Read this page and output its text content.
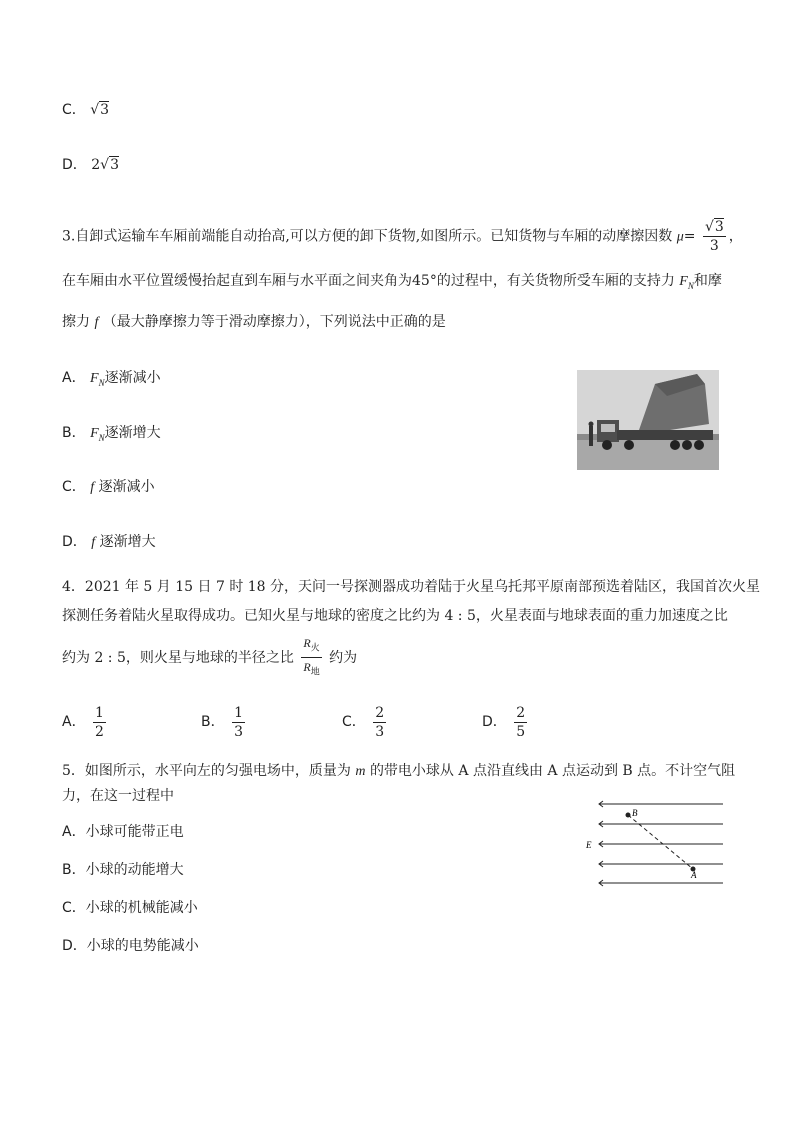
C． √3
D． 2√3
3.自卸式运输车车厢前端能自动抬高,可以方便的卸下货物,如图所示。已知货物与车厢的动摩擦因数 $\mu= \frac{√3}{3}$ ，
在车厢由水平位置缓慢抬起直到车厢与水平面之间夹角为45°的过程中，有关货物所受车厢的支持力 $F_N$和摩
擦力 f （最大静摩擦力等于滑动摩擦力），下列说法中正确的是
A． $F_N$逐渐减小
B． $F_N$逐渐增大
C． f 逐渐减小
D． f 逐渐增大
4．2021 年 5 月 15 日 7 时 18 分，天问一号探测器成功着陆于火星乌托邦平原南部预选着陆区，我国首次火星
探测任务着陆火星取得成功。已知火星与地球的密度之比约为 4 : 5，火星表面与地球表面的重力加速度之比
约为 2 : 5，则火星与地球的半径之比 $\frac{R_火}{R_地}$ 约为
A． $\frac{1}{2}$	B． $\frac{1}{3}$	C． $\frac{2}{3}$	D． $\frac{2}{5}$
5．如图所示，水平向左的匀强电场中，质量为 m 的带电小球从 A 点沿直线由 A 点运动到 B 点。不计空气阻
力，在这一过程中
A．小球可能带正电
B．小球的动能增大
C．小球的机械能减小
D．小球的电势能减小
B
A
E
